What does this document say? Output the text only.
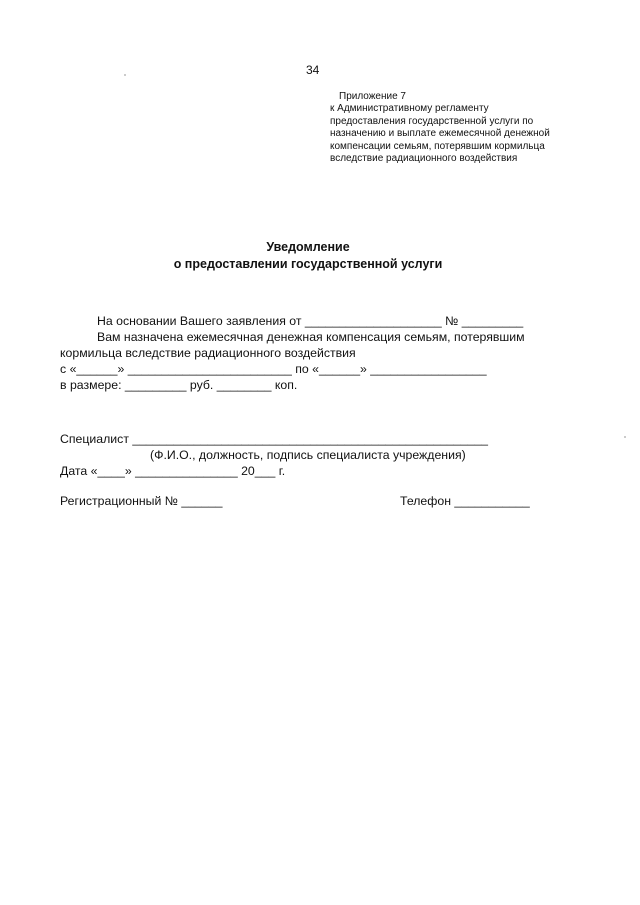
34
Приложение 7
к Административному регламенту
предоставления государственной услуги по
назначению и выплате ежемесячной денежной
компенсации семьям, потерявшим кормильца
вследствие радиационного воздействия
Уведомление
о предоставлении государственной услуги
На основании Вашего заявления от ____________________ № _________
Вам назначена ежемесячная денежная компенсация семьям, потерявшим
кормильца вследствие радиационного воздействия
с «______» ________________________ по «______» _________________
в размере: _________ руб. ________ коп.
Специалист ____________________________________________________
(Ф.И.О., должность, подпись специалиста учреждения)
Дата «____» _______________ 20___ г.
Регистрационный № ______	Телефон ___________
